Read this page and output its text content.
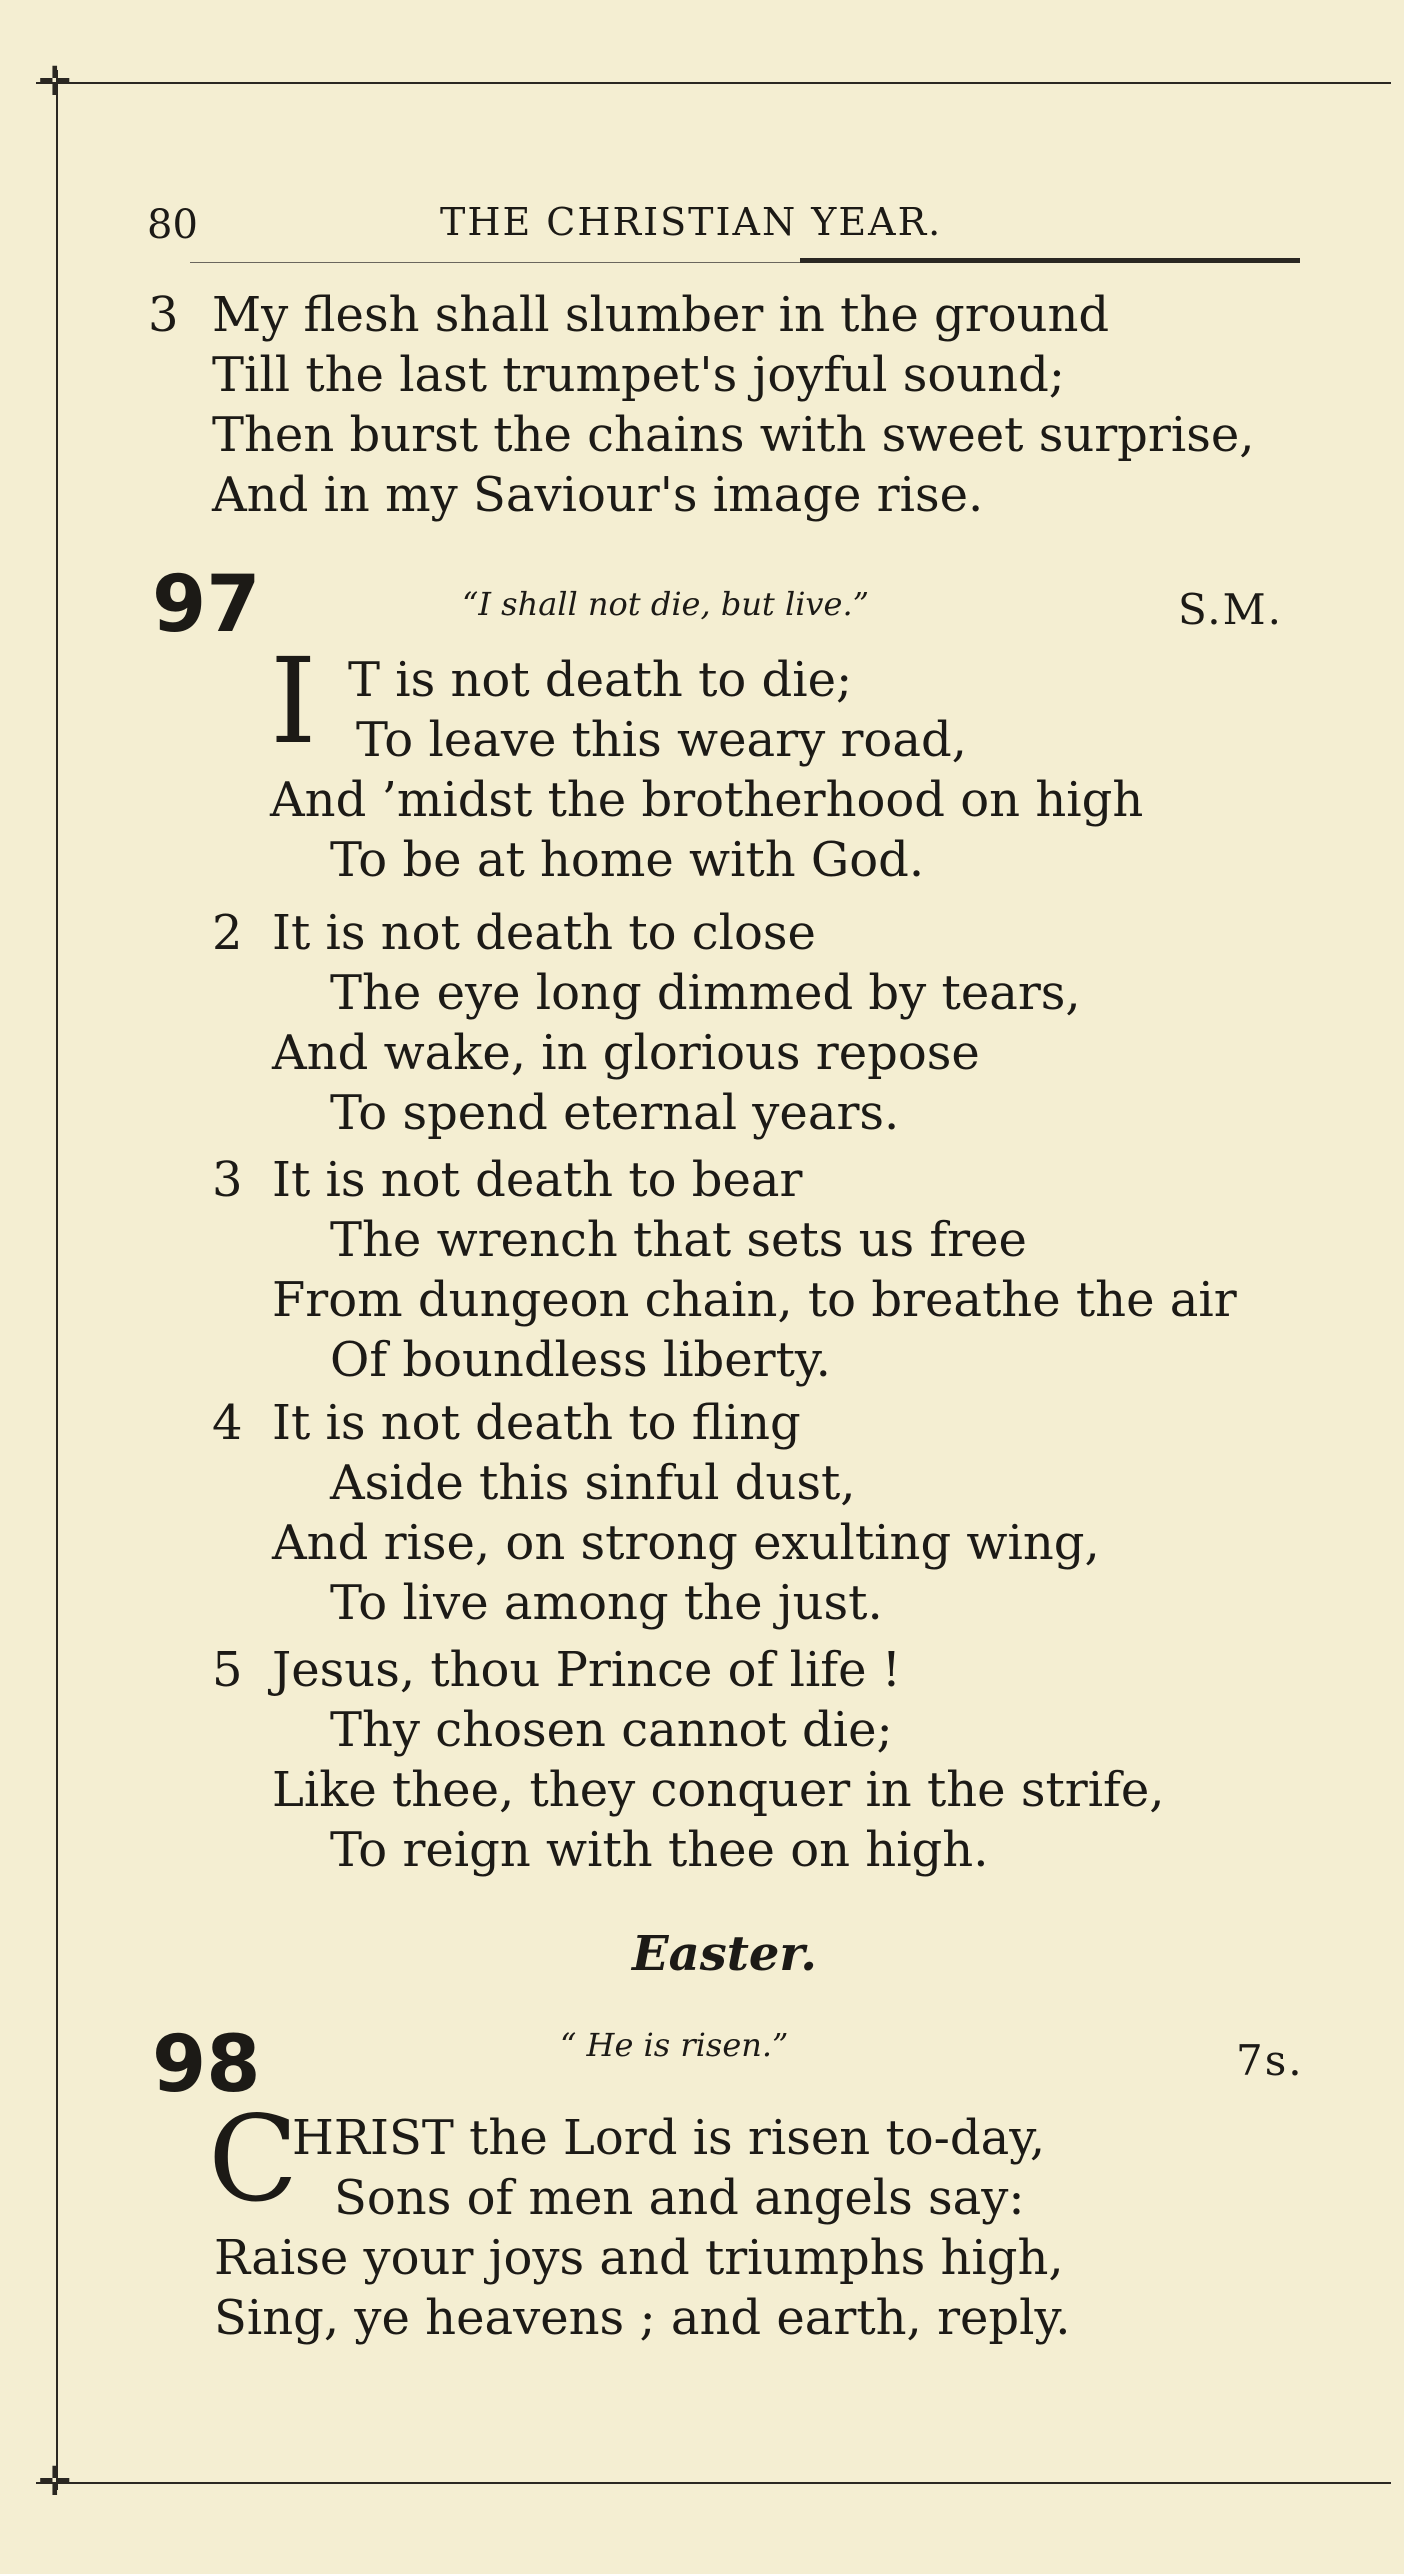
✛
✛
80	THE CHRISTIAN YEAR.
3 My flesh shall slumber in the ground
Till the last trumpet's joyful sound;
Then burst the chains with sweet surprise,
And in my Saviour's image rise.
97	“I shall not die, but live.”	S.M.
I T is not death to die;
To leave this weary road,
And ’midst the brotherhood on high
To be at home with God.
2 It is not death to close
The eye long dimmed by tears,
And wake, in glorious repose
To spend eternal years.
3 It is not death to bear
The wrench that sets us free
From dungeon chain, to breathe the air
Of boundless liberty.
4 It is not death to fling
Aside this sinful dust,
And rise, on strong exulting wing,
To live among the just.
5 Jesus, thou Prince of life !
Thy chosen cannot die;
Like thee, they conquer in the strife,
To reign with thee on high.
Easter.
98	“ He is risen.”	7s.
C
HRIST the Lord is risen to-day,
Sons of men and angels say:
Raise your joys and triumphs high,
Sing, ye heavens ; and earth, reply.
